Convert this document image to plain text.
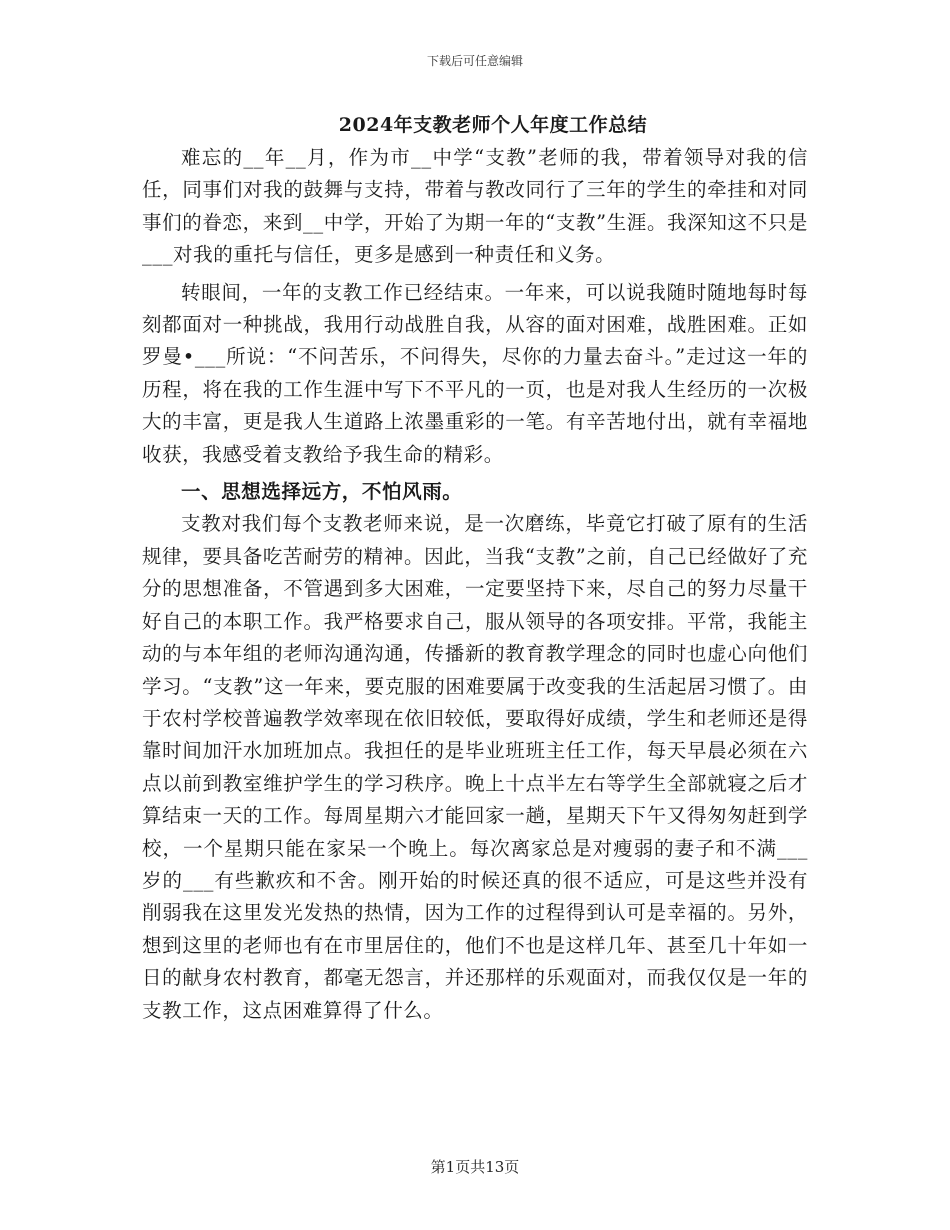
下载后可任意编辑
2024年支教老师个人年度工作总结

难忘的__年__月，作为市__中学“支教”老师的我，带着领导对我的信任，同事们对我的鼓舞与支持，带着与教改同行了三年的学生的牵挂和对同事们的眷恋，来到__中学，开始了为期一年的“支教”生涯。我深知这不只是___对我的重托与信任，更多是感到一种责任和义务。

转眼间，一年的支教工作已经结束。一年来，可以说我随时随地每时每刻都面对一种挑战，我用行动战胜自我，从容的面对困难，战胜困难。正如罗曼•___所说：“不问苦乐，不问得失，尽你的力量去奋斗。”走过这一年的历程，将在我的工作生涯中写下不平凡的一页，也是对我人生经历的一次极大的丰富，更是我人生道路上浓墨重彩的一笔。有辛苦地付出，就有幸福地收获，我感受着支教给予我生命的精彩。

一、思想选择远方，不怕风雨。

支教对我们每个支教老师来说，是一次磨练，毕竟它打破了原有的生活规律，要具备吃苦耐劳的精神。因此，当我“支教”之前，自己已经做好了充分的思想准备，不管遇到多大困难，一定要坚持下来，尽自己的努力尽量干好自己的本职工作。我严格要求自己，服从领导的各项安排。平常，我能主动的与本年组的老师沟通沟通，传播新的教育教学理念的同时也虚心向他们学习。“支教”这一年来，要克服的困难要属于改变我的生活起居习惯了。由于农村学校普遍教学效率现在依旧较低，要取得好成绩，学生和老师还是得靠时间加汗水加班加点。我担任的是毕业班班主任工作，每天早晨必须在六点以前到教室维护学生的学习秩序。晚上十点半左右等学生全部就寝之后才算结束一天的工作。每周星期六才能回家一趟，星期天下午又得匆匆赶到学校，一个星期只能在家呆一个晚上。每次离家总是对瘦弱的妻子和不满___岁的___有些歉疚和不舍。刚开始的时候还真的很不适应，可是这些并没有削弱我在这里发光发热的热情，因为工作的过程得到认可是幸福的。另外，想到这里的老师也有在市里居住的，他们不也是这样几年、甚至几十年如一日的献身农村教育，都毫无怨言，并还那样的乐观面对，而我仅仅是一年的支教工作，这点困难算得了什么。

第1页共13页
